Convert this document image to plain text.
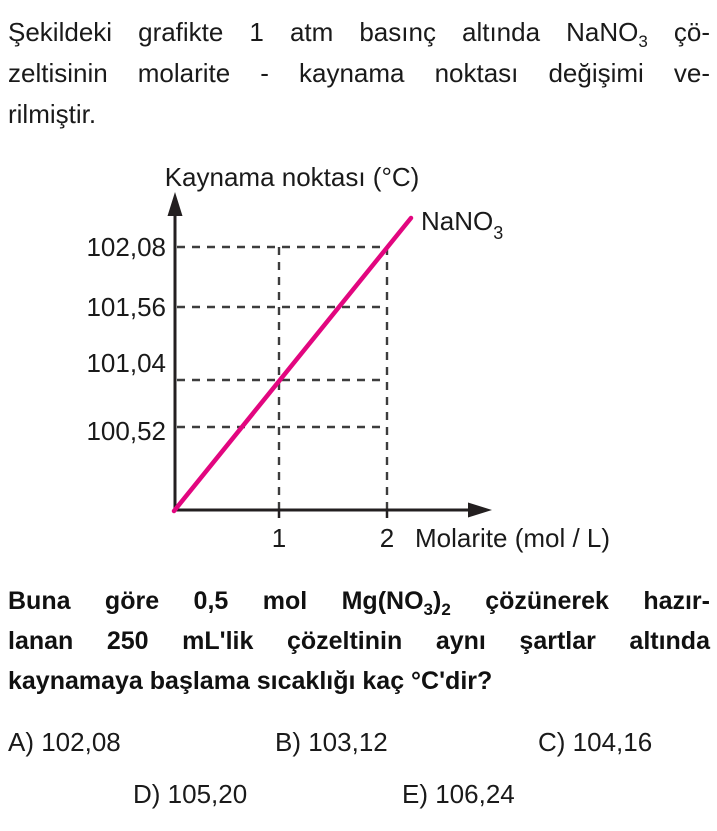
Şekildeki grafikte 1 atm basınç altında NaNO$_3$ çö-
zeltisinin molarite - kaynama noktası değişimi ve-
rilmiştir.
Kaynama noktası (°C)
NaNO$_3$
102,08
101,56
101,04
100,52
1	2 Molarite (mol / L)
Buna göre 0,5 mol $Mg(NO_3)_2$ çözünerek hazır-
lanan 250 mL'lik çözeltinin aynı şartlar altında
kaynamaya başlama sıcaklığı kaç °C'dir?
A) 102,08	B) 103,12	C) 104,16
D) 105,20	E) 106,24
